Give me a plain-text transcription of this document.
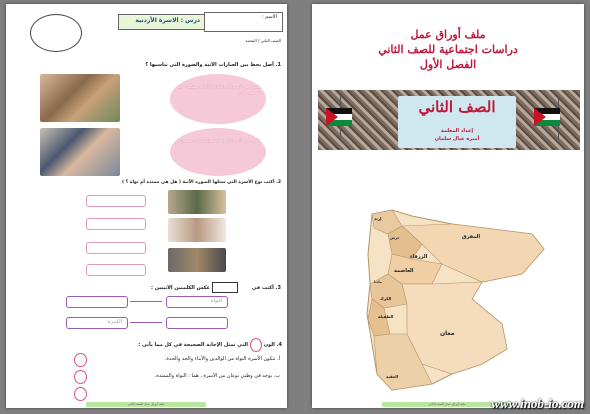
درس : الاسرة الأردنية	الاسم :
الصف الثاني / الشعبة
1. أصل بخط بين العبارات الآتية والصورة التي تناسبها ؟
يتكون من الأب والأم والأبناء والأجداد ويسكنون معا في بيت واحد
تتكون من الأب والأم والأبناء يسكنون في بيت واحد
2. أكتب نوع الأسرة التي تمثلها الصورة الآتية ( هل هي ممتدة أم نواة ؟ )
3. أكتب في
عكس الكلمتين الآتيتين :
النواة
الكبيرة
4. الون
التي تمثل الإجابة الصحيحة في كل مما يأتي :
أ. تتكون الأسرة النواة من الوالدين والأبناء والجد والجدة.
ب. يوجد في وطني نوعان من الأسرة ، هما : النواة والممتدة.
ملف أوراق عمل للصف الثاني
ملف أوراق عمل
دراسات اجتماعية للصف الثاني
الفصل الأول
الصف الثاني
إعداد المعلمة
أميرة عيال سلمان
إربد
المفرق
الزرقاء
العاصمة
الكرك
الطفيلة
معان
العقبة
جرش
مادبا
ملف أوراق عمل للصف الثاني	www.inob-io.com
